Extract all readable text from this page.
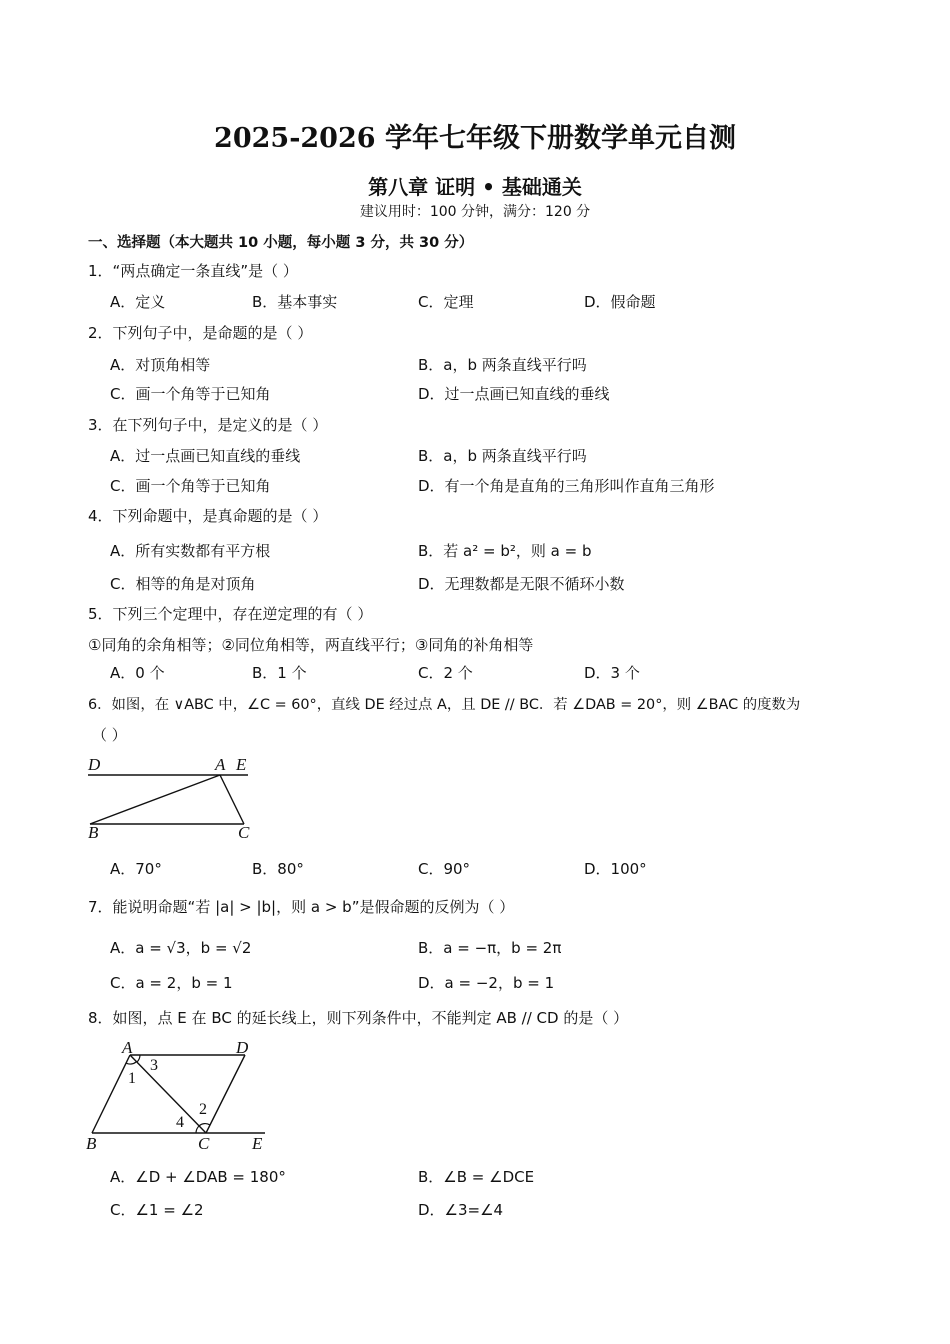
2025-2026 学年七年级下册数学单元自测
第八章 证明 • 基础通关
建议用时：100 分钟，满分：120 分
一、选择题（本大题共 10 小题，每小题 3 分，共 30 分）
1．“两点确定一条直线”是（ ）
A．定义	B．基本事实	C．定理	D．假命题
2．下列句子中，是命题的是（ ）
A．对顶角相等	B．a，b 两条直线平行吗
C．画一个角等于已知角	D．过一点画已知直线的垂线
3．在下列句子中，是定义的是（ ）
A．过一点画已知直线的垂线	B．a，b 两条直线平行吗
C．画一个角等于已知角	D．有一个角是直角的三角形叫作直角三角形
4．下列命题中，是真命题的是（ ）
A．所有实数都有平方根	B．若 a² = b²，则 a = b
C．相等的角是对顶角	D．无理数都是无限不循环小数
5．下列三个定理中，存在逆定理的有（ ）
①同角的余角相等；②同位角相等，两直线平行；③同角的补角相等
A．0 个	B．1 个	C．2 个	D．3 个
6．如图，在 ∨ABC 中，∠C = 60°，直线 DE 经过点 A，且 DE // BC．若 ∠DAB = 20°，则 ∠BAC 的度数为
（ ）
D	A E
B	C
A．70°	B．80°	C．90°	D．100°
7．能说明命题“若 |a| > |b|，则 a > b”是假命题的反例为（ ）
A．a = √3，b = √2	B．a = −π，b = 2π
C．a = 2，b = 1	D．a = −2，b = 1
8．如图，点 E 在 BC 的延长线上，则下列条件中，不能判定 AB // CD 的是（ ）
A	D
B	C	E
1
2
3
4
A．∠D + ∠DAB = 180°	B．∠B = ∠DCE
C．∠1 = ∠2	D．∠3=∠4
